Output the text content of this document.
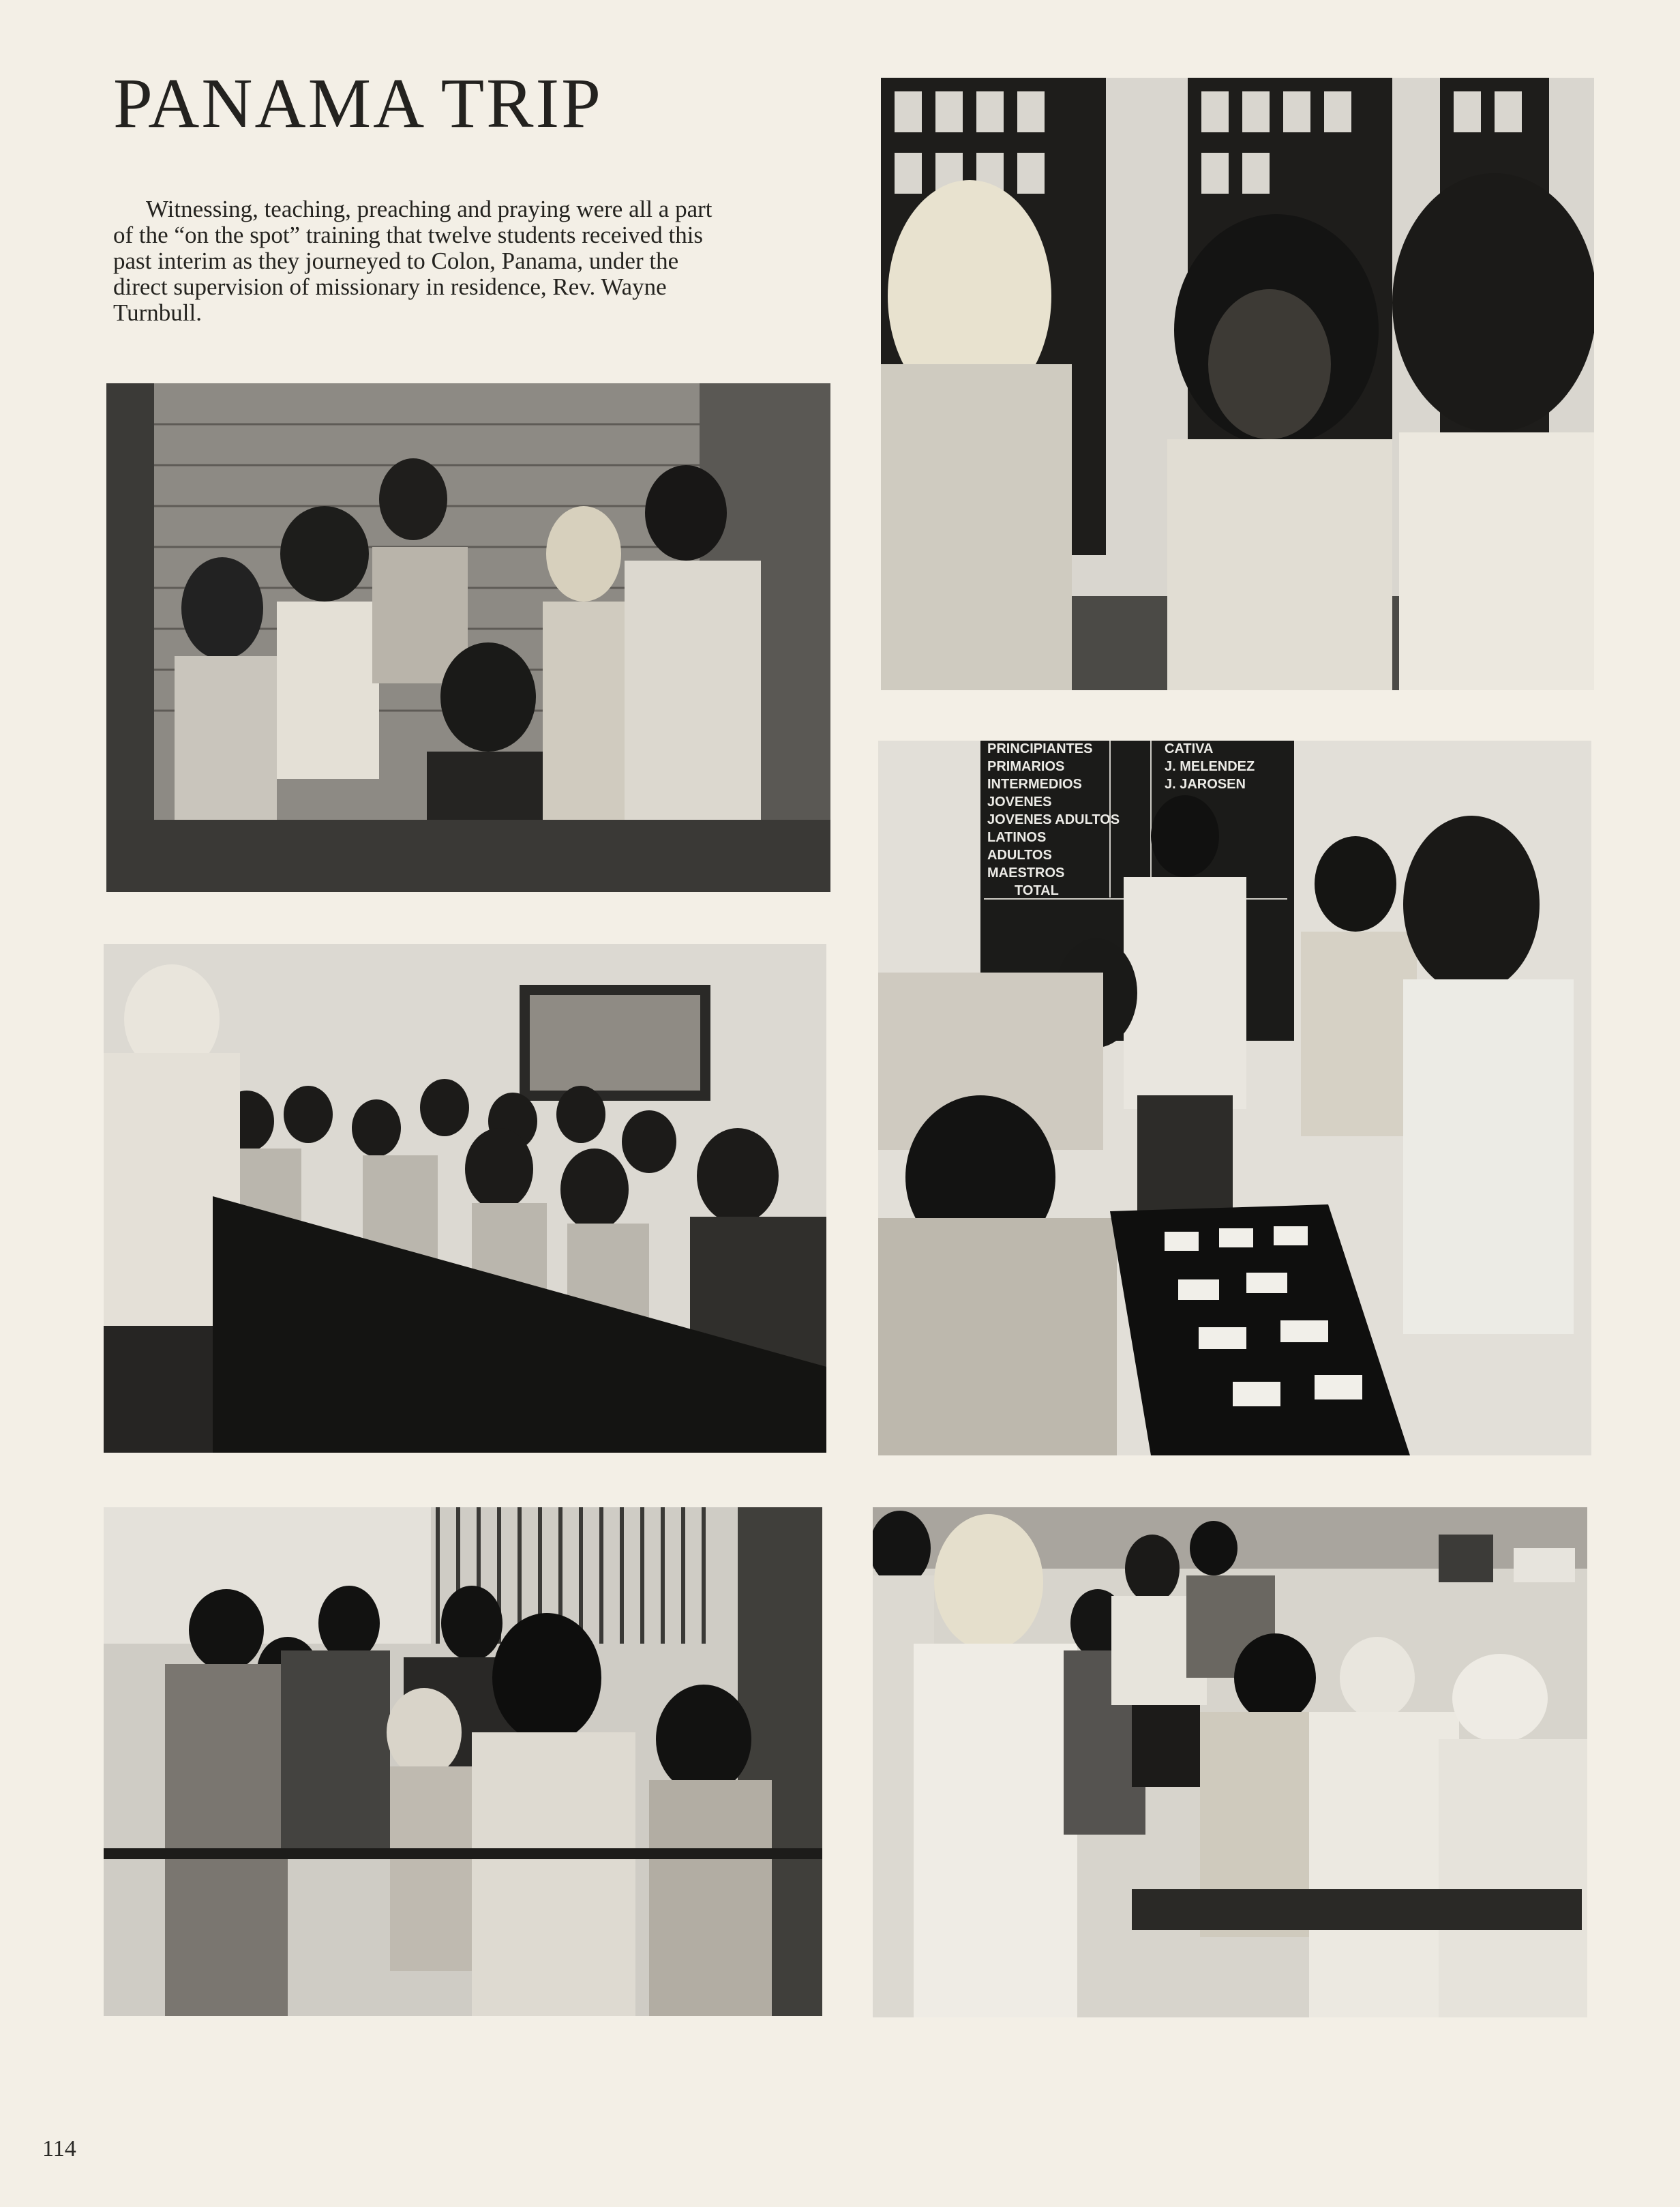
PANAMA TRIP

Witnessing, teaching, preaching and praying were all a part
of the “on the spot” training that twelve students received this
past interim as they journeyed to Colon, Panama, under the
direct supervision of missionary in residence, Rev. Wayne
Turnbull.

PRINCIPIANTES
PRIMARIOS
INTERMEDIOS
JOVENES
JOVENES ADULTOS
LATINOS
ADULTOS
MAESTROS
TOTAL
CATIVA
J. MELENDEZ
J. JAROSEN
114
